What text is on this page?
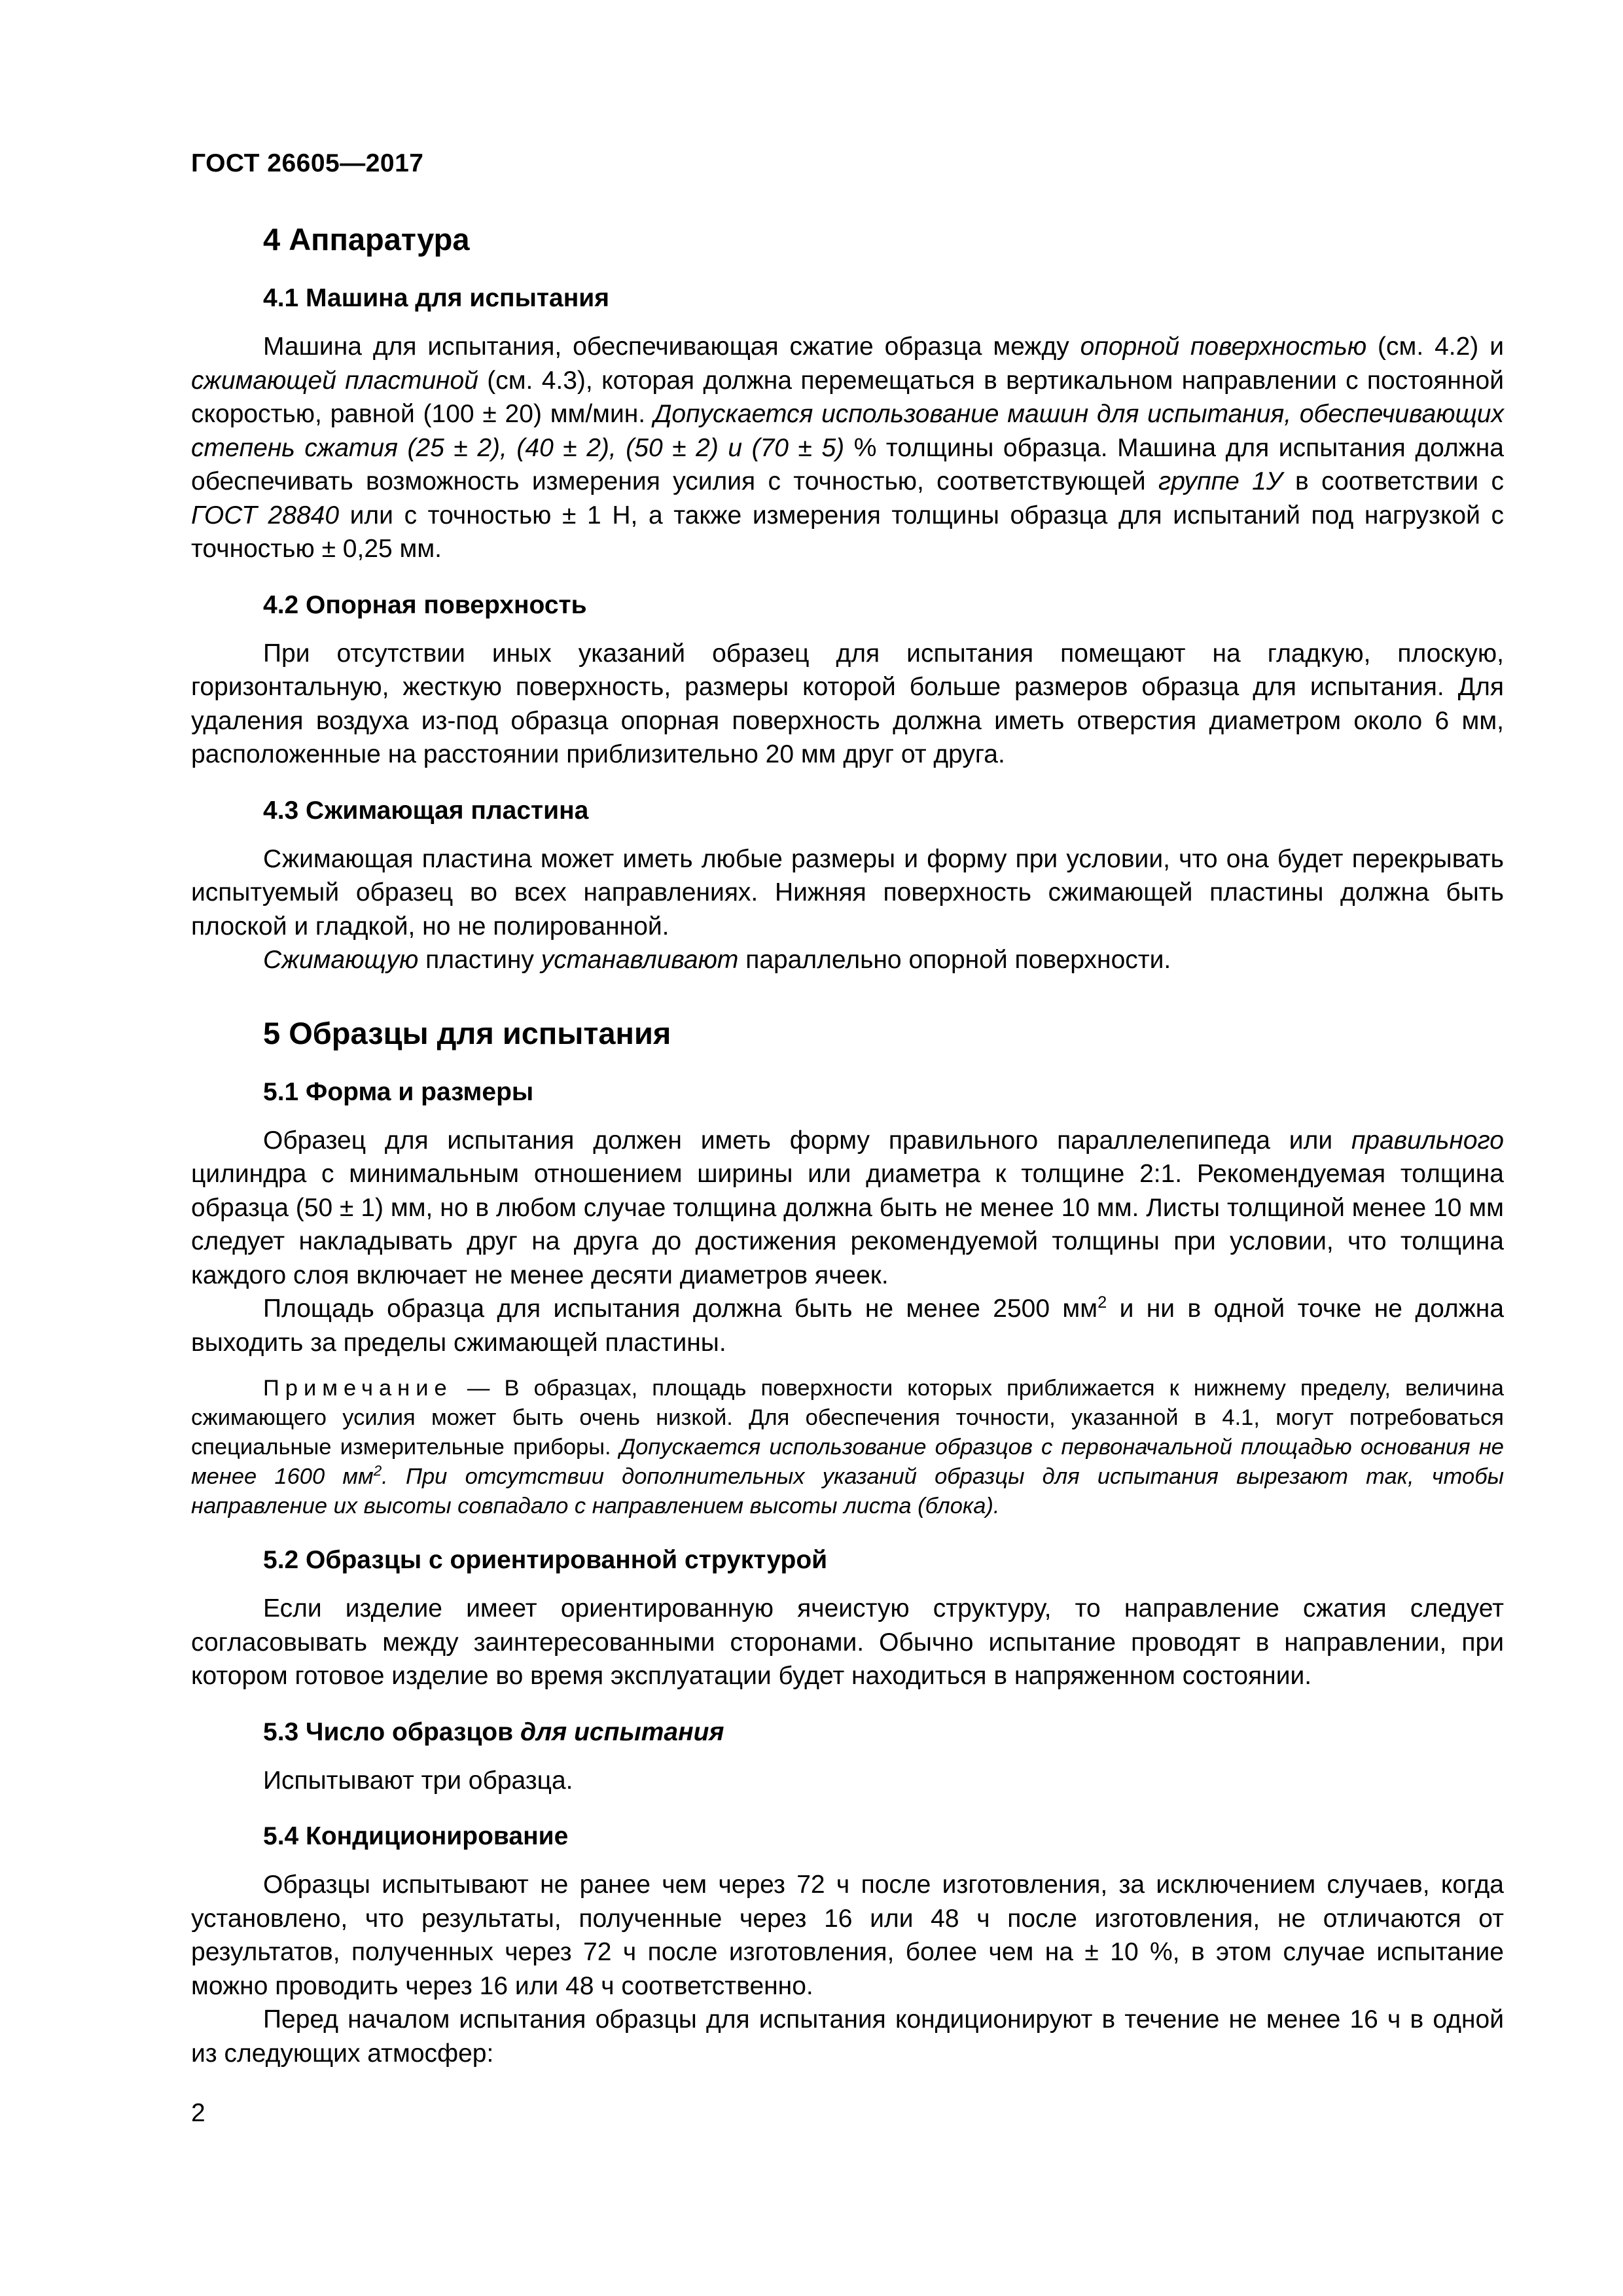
ГОСТ 26605—2017
4 Аппаратура
4.1 Машина для испытания

Машина для испытания, обеспечивающая сжатие образца между опорной поверхностью (см. 4.2) и сжимающей пластиной (см. 4.3), которая должна перемещаться в вертикальном направлении с постоянной скоростью, равной (100 ± 20) мм/мин. Допускается использование машин для испытания, обеспечивающих степень сжатия (25 ± 2), (40 ± 2), (50 ± 2) и (70 ± 5) % толщины образца. Машина для испытания должна обеспечивать возможность измерения усилия с точностью, соответствующей группе 1У в соответствии с ГОСТ 28840 или с точностью ± 1 Н, а также измерения толщины образца для испытаний под нагрузкой с точностью ± 0,25 мм.

4.2 Опорная поверхность

При отсутствии иных указаний образец для испытания помещают на гладкую, плоскую, горизонтальную, жесткую поверхность, размеры которой больше размеров образца для испытания. Для удаления воздуха из-под образца опорная поверхность должна иметь отверстия диаметром около 6 мм, расположенные на расстоянии приблизительно 20 мм друг от друга.

4.3 Сжимающая пластина

Сжимающая пластина может иметь любые размеры и форму при условии, что она будет перекрывать испытуемый образец во всех направлениях. Нижняя поверхность сжимающей пластины должна быть плоской и гладкой, но не полированной.

Сжимающую пластину устанавливают параллельно опорной поверхности.

5 Образцы для испытания
5.1 Форма и размеры

Образец для испытания должен иметь форму правильного параллелепипеда или правильного цилиндра с минимальным отношением ширины или диаметра к толщине 2:1. Рекомендуемая толщина образца (50 ± 1) мм, но в любом случае толщина должна быть не менее 10 мм. Листы толщиной менее 10 мм следует накладывать друг на друга до достижения рекомендуемой толщины при условии, что толщина каждого слоя включает не менее десяти диаметров ячеек.

Площадь образца для испытания должна быть не менее 2500 $мм^2$ и ни в одной точке не должна выходить за пределы сжимающей пластины.

Примечание — В образцах, площадь поверхности которых приближается к нижнему пределу, величина сжимающего усилия может быть очень низкой. Для обеспечения точности, указанной в 4.1, могут потребоваться специальные измерительные приборы. Допускается использование образцов с первоначальной площадью основания не менее 1600 $мм^2$. При отсутствии дополнительных указаний образцы для испытания вырезают так, чтобы направление их высоты совпадало с направлением высоты листа (блока).

5.2 Образцы с ориентированной структурой

Если изделие имеет ориентированную ячеистую структуру, то направление сжатия следует согласовывать между заинтересованными сторонами. Обычно испытание проводят в направлении, при котором готовое изделие во время эксплуатации будет находиться в напряженном состоянии.

5.3 Число образцов для испытания

Испытывают три образца.

5.4 Кондиционирование

Образцы испытывают не ранее чем через 72 ч после изготовления, за исключением случаев, когда установлено, что результаты, полученные через 16 или 48 ч после изготовления, не отличаются от результатов, полученных через 72 ч после изготовления, более чем на ± 10 %, в этом случае испытание можно проводить через 16 или 48 ч соответственно.

Перед началом испытания образцы для испытания кондиционируют в течение не менее 16 ч в одной из следующих атмосфер:

2
